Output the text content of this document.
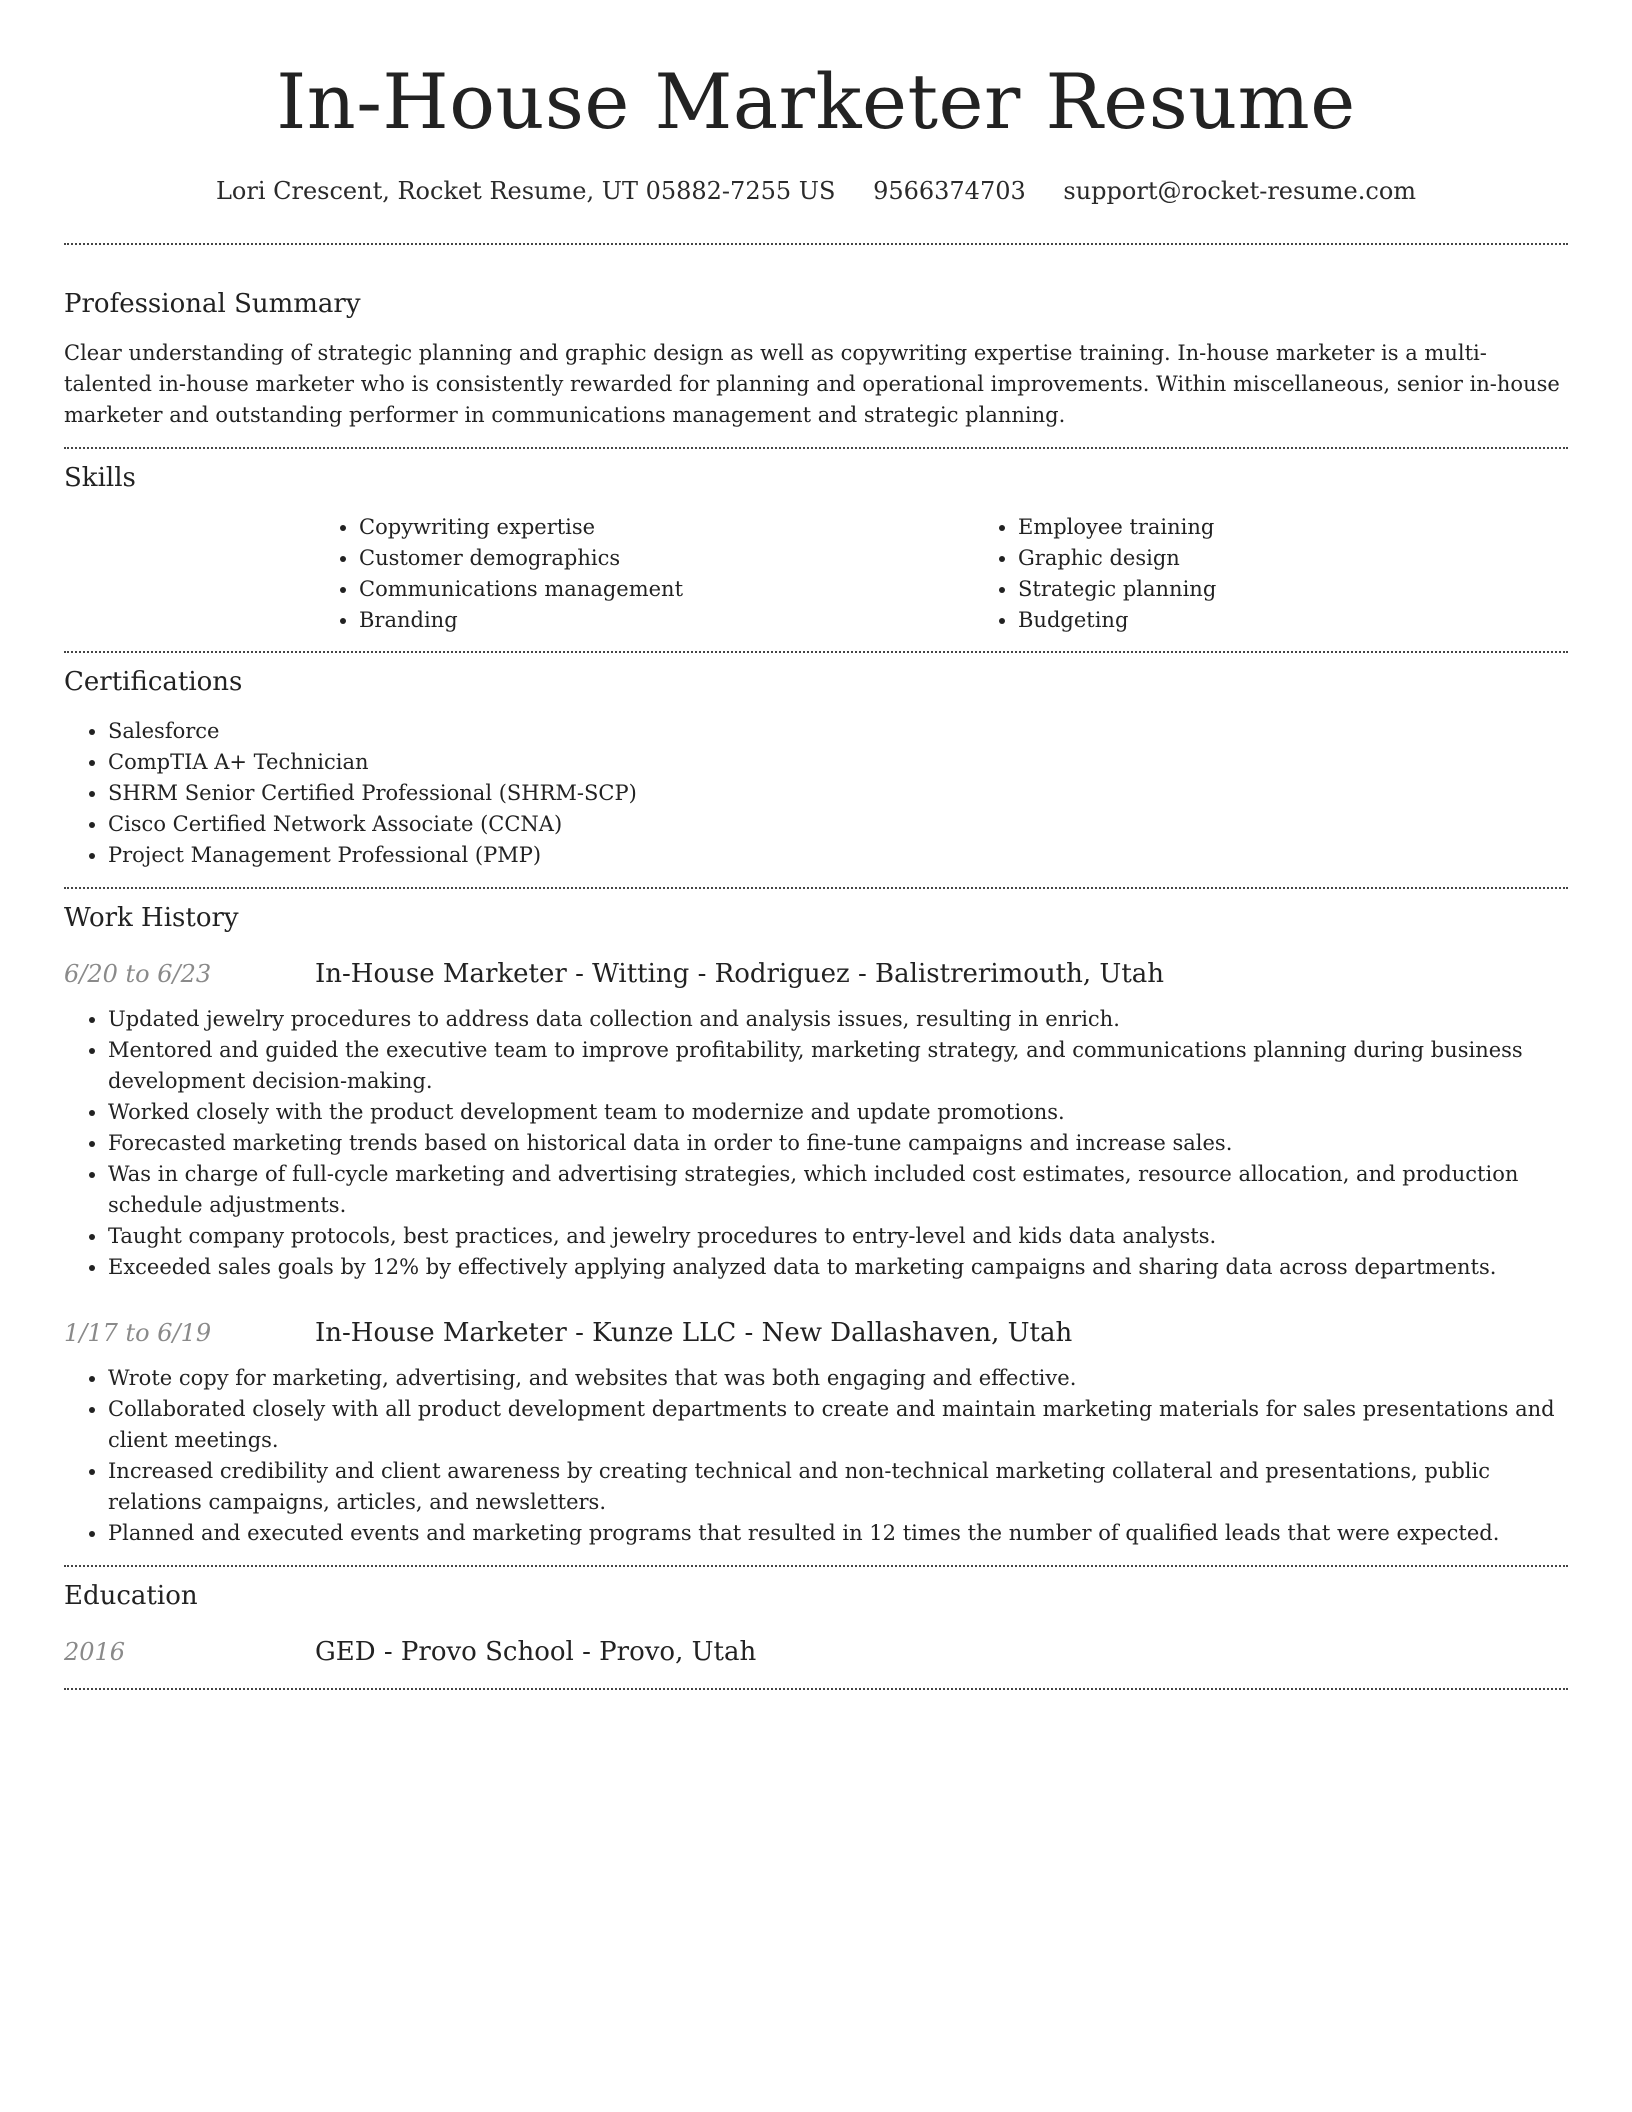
In-House Marketer Resume
Lori Crescent, Rocket Resume, UT 05882-7255 US 9566374703 support@rocket-resume.com
Professional Summary

Clear understanding of strategic planning and graphic design as well as copywriting expertise training. In-house marketer is a multi-talented in-house marketer who is consistently rewarded for planning and operational improvements. Within miscellaneous, senior in-house marketer and outstanding performer in communications management and strategic planning.

Skills
• Copywriting expertise
• Customer demographics
• Communications management
• Branding
• Employee training
• Graphic design
• Strategic planning
• Budgeting
Certifications
• Salesforce
• CompTIA A+ Technician
• SHRM Senior Certified Professional (SHRM-SCP)
• Cisco Certified Network Associate (CCNA)
• Project Management Professional (PMP)
Work History
6/20 to 6/23	In-House Marketer - Witting - Rodriguez - Balistrerimouth, Utah
• Updated jewelry procedures to address data collection and analysis issues, resulting in enrich.
• Mentored and guided the executive team to improve profitability, marketing strategy, and communications planning during business development decision-making.
• Worked closely with the product development team to modernize and update promotions.
• Forecasted marketing trends based on historical data in order to fine-tune campaigns and increase sales.
• Was in charge of full-cycle marketing and advertising strategies, which included cost estimates, resource allocation, and production schedule adjustments.
• Taught company protocols, best practices, and jewelry procedures to entry-level and kids data analysts.
• Exceeded sales goals by 12% by effectively applying analyzed data to marketing campaigns and sharing data across departments.
1/17 to 6/19	In-House Marketer - Kunze LLC - New Dallashaven, Utah
• Wrote copy for marketing, advertising, and websites that was both engaging and effective.
• Collaborated closely with all product development departments to create and maintain marketing materials for sales presentations and client meetings.
• Increased credibility and client awareness by creating technical and non-technical marketing collateral and presentations, public relations campaigns, articles, and newsletters.
• Planned and executed events and marketing programs that resulted in 12 times the number of qualified leads that were expected.
Education
2016	GED - Provo School - Provo, Utah
